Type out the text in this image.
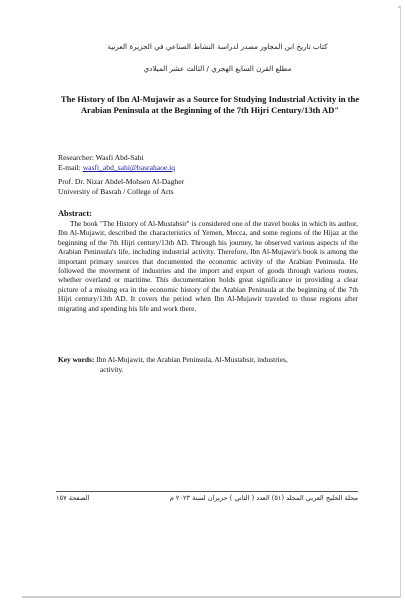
كتاب تاريخ ابن المجاور مصدر لدراسة النشاط الصناعي في الجزيرة العربية
مطلع القرن السابع الهجري / الثالث عشر الميلادي
The History of Ibn Al-Mujawir as a Source for Studying Industrial Activity in the Arabian Peninsula at the Beginning of the 7th Hijri Century/13th AD"
Researcher: Wasfi Abd-Sahi
E-mail: wasfi_abd_sahi@basrahaoe.iq
Prof. Dr. Nizar Abdel-Mohsen Al-Dagher
University of Basrah / College of Arts
Abstract:
The book "The History of Al-Mustabsir" is considered one of the travel books in which its author, Ibn Al-Mujawir, described the characteristics of Yemen, Mecca, and some regions of the Hijaz at the beginning of the 7th Hijri century/13th AD. Through his journey, he observed various aspects of the Arabian Peninsula's life, including industrial activity. Therefore, Ibn Al-Mujawir's book is among the important primary sources that documented the economic activity of the Arabian Peninsula. He followed the movement of industries and the import and export of goods through various routes, whether overland or maritime. This documentation holds great significance in providing a clear picture of a missing era in the economic history of the Arabian Peninsula at the beginning of the 7th Hijri century/13th AD. It covers the period when Ibn Al-Mujawir traveled to those regions after migrating and spending his life and work there.
Key words: Ibn Al-Mujawir, the Arabian Peninsula, Al-Mustabsir, industries,
activity.
مجلة الخليج العربي المجلد (٥١) العدد ( الثاني ) حزيران لسنة ٢٠٢٣ م
الصفحة ١٥٧
